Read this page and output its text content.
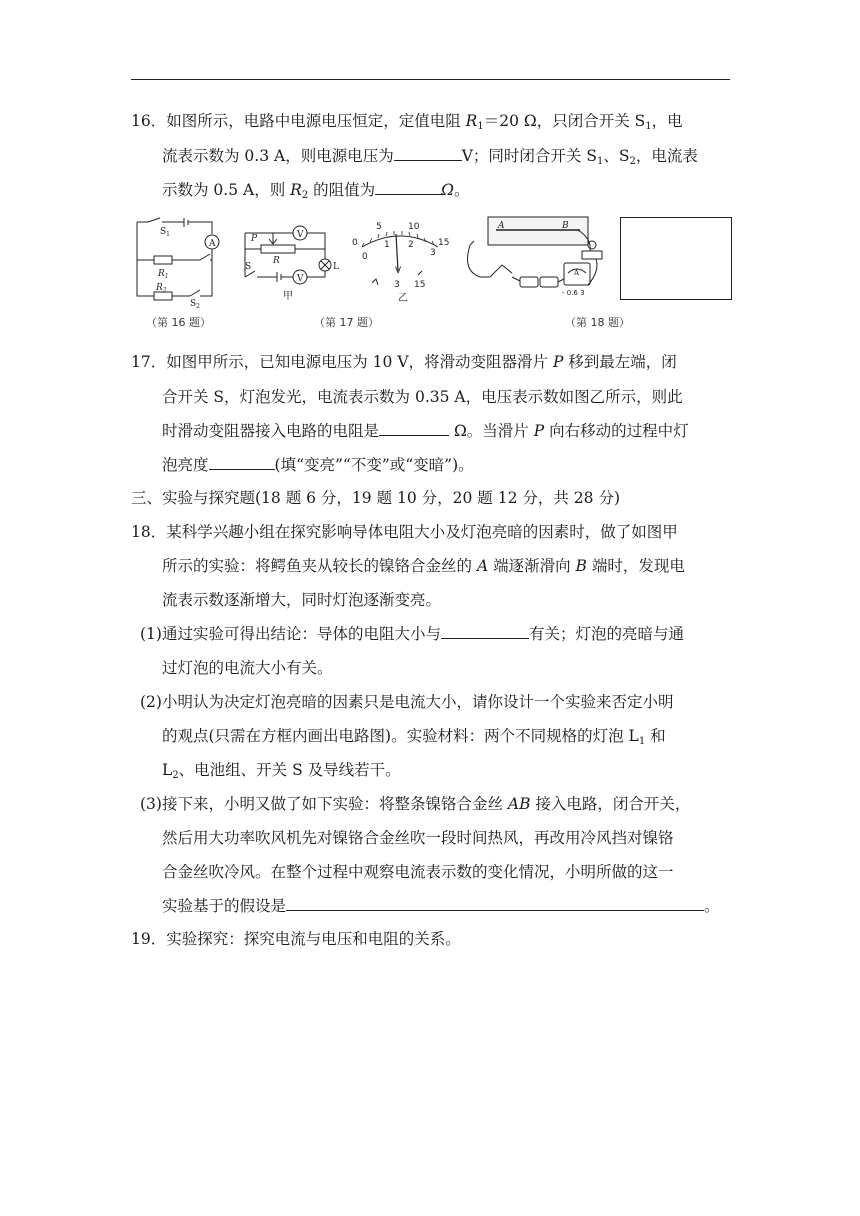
16．如图所示，电路中电源电压恒定，定值电阻 $R_1=20$ Ω，只闭合开关 $S_1$，电
流表示数为 0.3 A，则电源电压为	V；同时闭合开关 $S_1$、$S_2$，电流表
示数为 0.5 A，则 $R_2$ 的阻值为	Ω。
A
$S_1$
$R_1$
$R_2$
$S_2$
（第 16 题）
V
V
P
R
S	L
甲
5	10
0	15
0
1 2
3
V
3 15
乙
（第 17 题）
A	B
A
- 0.6 3
（第 18 题）
17．如图甲所示，已知电源电压为 10 V，将滑动变阻器滑片 P 移到最左端，闭
合开关 S，灯泡发光，电流表示数为 0.35 A，电压表示数如图乙所示，则此
时滑动变阻器接入电路的电阻是	Ω。当滑片 P 向右移动的过程中灯
泡亮度	(填“变亮”“不变”或“变暗”)。
三、实验与探究题(18 题 6 分，19 题 10 分，20 题 12 分，共 28 分)
18．某科学兴趣小组在探究影响导体电阻大小及灯泡亮暗的因素时，做了如图甲
所示的实验：将鳄鱼夹从较长的镍铬合金丝的 A 端逐渐滑向 B 端时，发现电
流表示数逐渐增大，同时灯泡逐渐变亮。
(1)通过实验可得出结论：导体的电阻大小与	有关；灯泡的亮暗与通
过灯泡的电流大小有关。
(2)小明认为决定灯泡亮暗的因素只是电流大小，请你设计一个实验来否定小明
的观点(只需在方框内画出电路图)。实验材料：两个不同规格的灯泡 $L_1$ 和
$L_2$、电池组、开关 S 及导线若干。
(3)接下来，小明又做了如下实验：将整条镍铬合金丝 AB 接入电路，闭合开关，
然后用大功率吹风机先对镍铬合金丝吹一段时间热风，再改用冷风挡对镍铬
合金丝吹冷风。在整个过程中观察电流表示数的变化情况，小明所做的这一
实验基于的假设是	。
19．实验探究：探究电流与电压和电阻的关系。
